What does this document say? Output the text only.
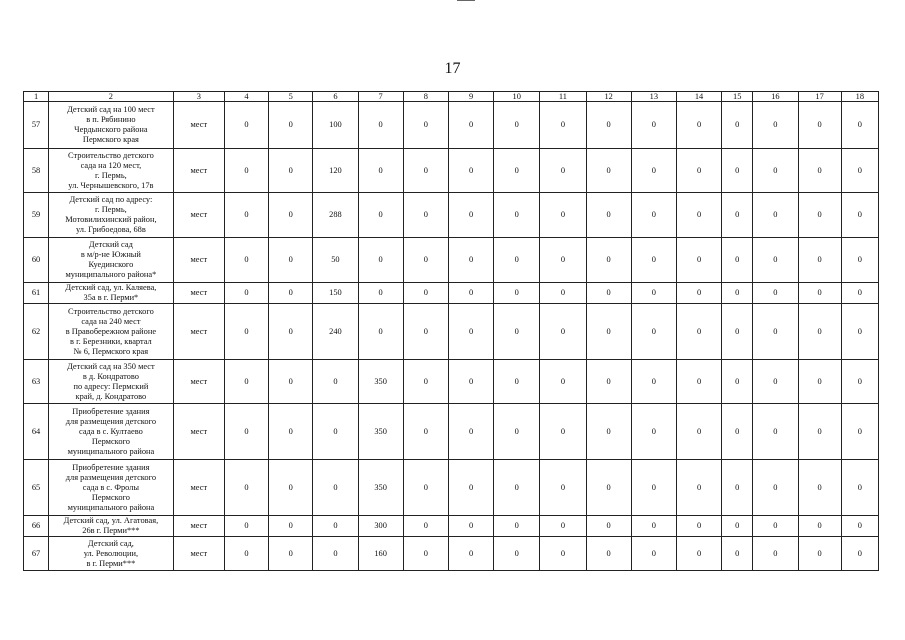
17
1	2	3	4	5	6	7	8	9	10	11	12	13	14	15	16	17	18
57	Детский сад на 100 мест
в п. Рябинино
Чердынского района
Пермского края	мест	0	0	100	0	0	0	0	0	0	0	0	0	0	0	0
58	Строительство детского
сада на 120 мест,
г. Пермь,
ул. Чернышевского, 17в	мест	0	0	120	0	0	0	0	0	0	0	0	0	0	0	0
59	Детский сад по адресу:
г. Пермь,
Мотовилихинский район,
ул. Грибоедова, 68в	мест	0	0	288	0	0	0	0	0	0	0	0	0	0	0	0
60	Детский сад
в м/р-не Южный
Куединского
муниципального района*	мест	0	0	50	0	0	0	0	0	0	0	0	0	0	0	0
61	Детский сад, ул. Каляева,
35а в г. Перми*	мест	0	0	150	0	0	0	0	0	0	0	0	0	0	0	0
62	Строительство детского
сада на 240 мест
в Правобережном районе
в г. Березники, квартал
№ 6, Пермского края	мест	0	0	240	0	0	0	0	0	0	0	0	0	0	0	0
63	Детский сад на 350 мест
в д. Кондратово
по адресу: Пермский
край, д. Кондратово	мест	0	0	0	350	0	0	0	0	0	0	0	0	0	0	0
64	Приобретение здания
для размещения детского
сада в с. Култаево
Пермского
муниципального района	мест	0	0	0	350	0	0	0	0	0	0	0	0	0	0	0
65	Приобретение здания
для размещения детского
сада в с. Фролы
Пермского
муниципального района	мест	0	0	0	350	0	0	0	0	0	0	0	0	0	0	0
66	Детский сад, ул. Агатовая,
26в г. Перми***	мест	0	0	0	300	0	0	0	0	0	0	0	0	0	0	0
67	Детский сад,
ул. Революции,
в г. Перми***	мест	0	0	0	160	0	0	0	0	0	0	0	0	0	0	0
